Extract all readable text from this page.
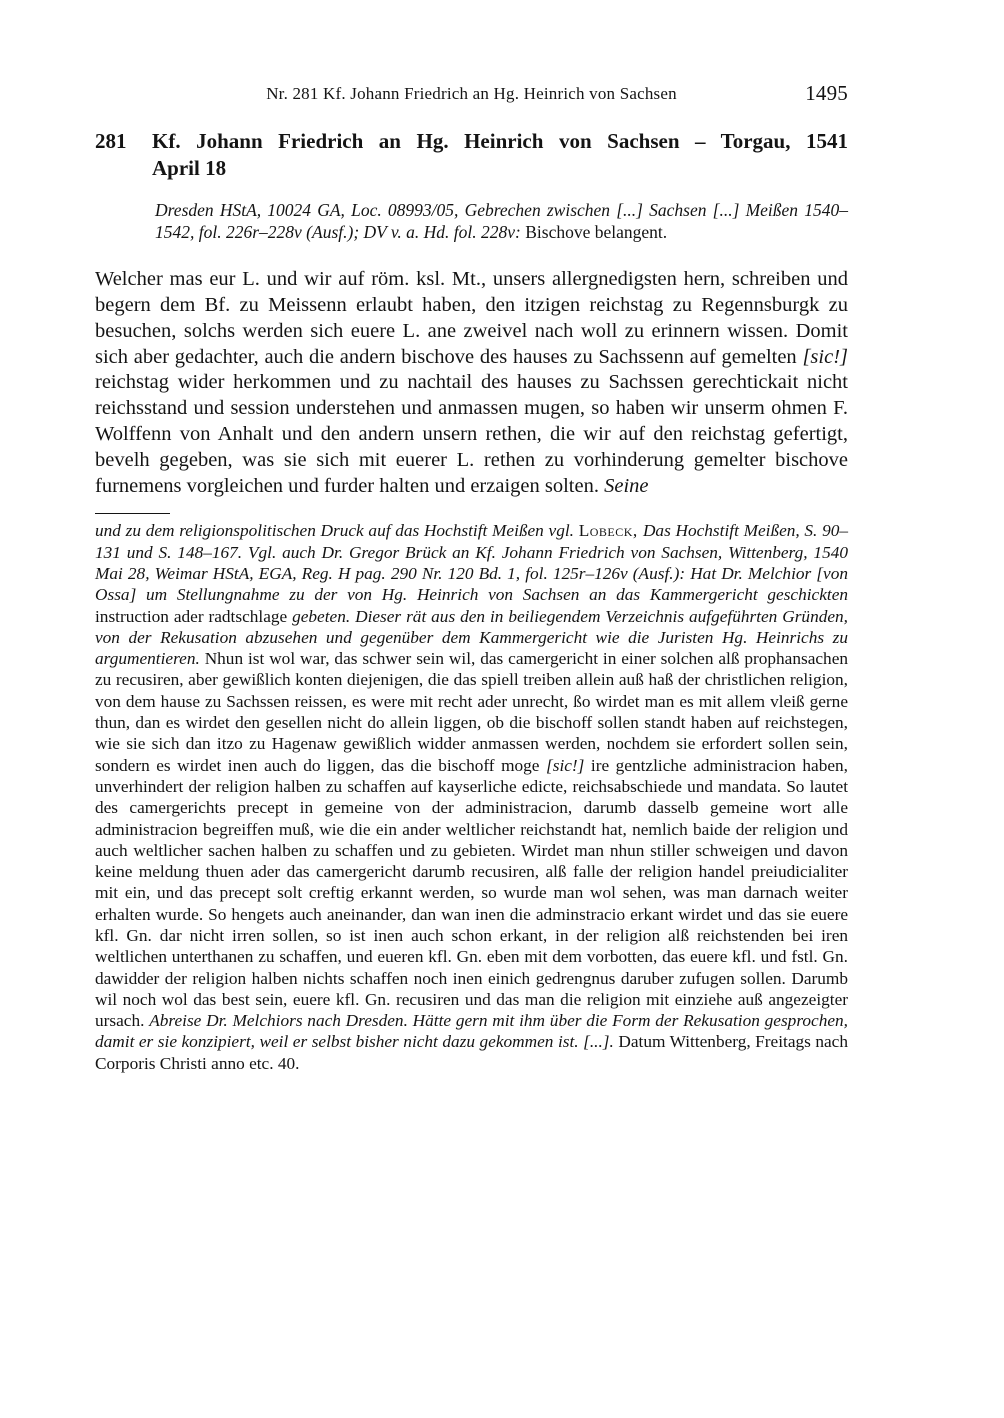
Nr. 281 Kf. Johann Friedrich an Hg. Heinrich von Sachsen	1495
281	Kf. Johann Friedrich an Hg. Heinrich von Sachsen – Torgau, 1541
April 18

Dresden HStA, 10024 GA, Loc. 08993/05, Gebrechen zwischen [...] Sachsen [...] Meißen 1540–1542, fol. 226r–228v (Ausf.); DV v. a. Hd. fol. 228v: Bischove belangent.

Welcher mas eur L. und wir auf röm. ksl. Mt., unsers allergnedigsten hern, schreiben und begern dem Bf. zu Meissenn erlaubt haben, den itzigen reichstag zu Regennsburgk zu besuchen, solchs werden sich euere L. ane zweivel nach woll zu erinnern wissen. Domit sich aber gedachter, auch die andern bischove des hauses zu Sachssenn auf gemelten [sic!] reichstag wider herkommen und zu nachtail des hauses zu Sachssen gerechtickait nicht reichsstand und session understehen und anmassen mugen, so haben wir unserm ohmen F. Wolffenn von Anhalt und den andern unsern rethen, die wir auf den reichstag gefertigt, bevelh gegeben, was sie sich mit euerer L. rethen zu vorhinderung gemelter bischove furnemens vorgleichen und furder halten und erzaigen solten. Seine

und zu dem religionspolitischen Druck auf das Hochstift Meißen vgl. Lobeck, Das Hochstift Meißen, S. 90–131 und S. 148–167. Vgl. auch Dr. Gregor Brück an Kf. Johann Friedrich von Sachsen, Wittenberg, 1540 Mai 28, Weimar HStA, EGA, Reg. H pag. 290 Nr. 120 Bd. 1, fol. 125r–126v (Ausf.): Hat Dr. Melchior [von Ossa] um Stellungnahme zu der von Hg. Heinrich von Sachsen an das Kammergericht geschickten instruction ader radtschlage gebeten. Dieser rät aus den in beiliegendem Verzeichnis aufgeführten Gründen, von der Rekusation abzusehen und gegenüber dem Kammergericht wie die Juristen Hg. Heinrichs zu argumentieren. Nhun ist wol war, das schwer sein wil, das camergericht in einer solchen alß prophansachen zu recusiren, aber gewißlich konten diejenigen, die das spiell treiben allein auß haß der christlichen religion, von dem hause zu Sachssen reissen, es were mit recht ader unrecht, ßo wirdet man es mit allem vleiß gerne thun, dan es wirdet den gesellen nicht do allein liggen, ob die bischoff sollen standt haben auf reichstegen, wie sie sich dan itzo zu Hagenaw gewißlich widder anmassen werden, nochdem sie erfordert sollen sein, sondern es wirdet inen auch do liggen, das die bischoff moge [sic!] ire gentzliche administracion haben, unverhindert der religion halben zu schaffen auf kayserliche edicte, reichsabschiede und mandata. So lautet des camergerichts precept in gemeine von der administracion, darumb dasselb gemeine wort alle administracion begreiffen muß, wie die ein ander weltlicher reichstandt hat, nemlich baide der religion und auch weltlicher sachen halben zu schaffen und zu gebieten. Wirdet man nhun stiller schweigen und davon keine meldung thuen ader das camergericht darumb recusiren, alß falle der religion handel preiudicialiter mit ein, und das precept solt creftig erkannt werden, so wurde man wol sehen, was man darnach weiter erhalten wurde. So hengets auch aneinander, dan wan inen die adminstracio erkant wirdet und das sie euere kfl. Gn. dar nicht irren sollen, so ist inen auch schon erkant, in der religion alß reichstenden bei iren weltlichen unterthanen zu schaffen, und eueren kfl. Gn. eben mit dem vorbotten, das euere kfl. und fstl. Gn. dawidder der religion halben nichts schaffen noch inen einich gedrengnus daruber zufugen sollen. Darumb wil noch wol das best sein, euere kfl. Gn. recusiren und das man die religion mit einziehe auß angezeigter ursach. Abreise Dr. Melchiors nach Dresden. Hätte gern mit ihm über die Form der Rekusation gesprochen, damit er sie konzipiert, weil er selbst bisher nicht dazu gekommen ist. [...]. Datum Wittenberg, Freitags nach Corporis Christi anno etc. 40.
